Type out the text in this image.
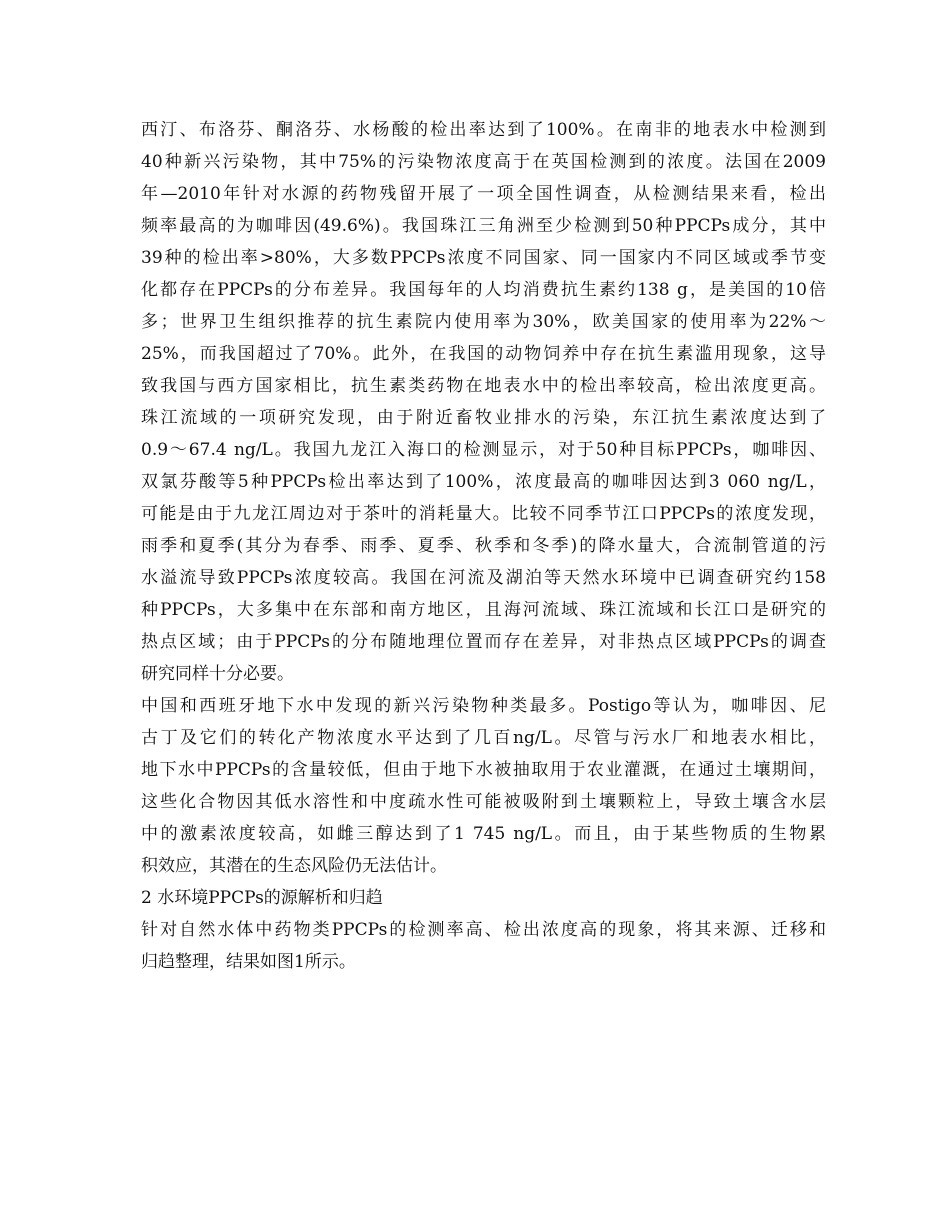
西汀、布洛芬、酮洛芬、水杨酸的检出率达到了100%。在南非的地表水中检测到
40种新兴污染物，其中75%的污染物浓度高于在英国检测到的浓度。法国在2009
年—2010年针对水源的药物残留开展了一项全国性调查，从检测结果来看，检出
频率最高的为咖啡因(49.6%)。我国珠江三角洲至少检测到50种PPCPs成分，其中
39种的检出率>80%，大多数PPCPs浓度不同国家、同一国家内不同区域或季节变
化都存在PPCPs的分布差异。我国每年的人均消费抗生素约138 g，是美国的10倍
多；世界卫生组织推荐的抗生素院内使用率为30%，欧美国家的使用率为22%～
25%，而我国超过了70%。此外，在我国的动物饲养中存在抗生素滥用现象，这导
致我国与西方国家相比，抗生素类药物在地表水中的检出率较高，检出浓度更高。
珠江流域的一项研究发现，由于附近畜牧业排水的污染，东江抗生素浓度达到了
0.9～67.4 ng/L。我国九龙江入海口的检测显示，对于50种目标PPCPs，咖啡因、
双氯芬酸等5种PPCPs检出率达到了100%，浓度最高的咖啡因达到3 060 ng/L，
可能是由于九龙江周边对于茶叶的消耗量大。比较不同季节江口PPCPs的浓度发现，
雨季和夏季(其分为春季、雨季、夏季、秋季和冬季)的降水量大，合流制管道的污
水溢流导致PPCPs浓度较高。我国在河流及湖泊等天然水环境中已调查研究约158
种PPCPs，大多集中在东部和南方地区，且海河流域、珠江流域和长江口是研究的
热点区域；由于PPCPs的分布随地理位置而存在差异，对非热点区域PPCPs的调查
研究同样十分必要。
中国和西班牙地下水中发现的新兴污染物种类最多。Postigo等认为，咖啡因、尼
古丁及它们的转化产物浓度水平达到了几百ng/L。尽管与污水厂和地表水相比，
地下水中PPCPs的含量较低，但由于地下水被抽取用于农业灌溉，在通过土壤期间，
这些化合物因其低水溶性和中度疏水性可能被吸附到土壤颗粒上，导致土壤含水层
中的激素浓度较高，如雌三醇达到了1 745 ng/L。而且，由于某些物质的生物累
积效应，其潜在的生态风险仍无法估计。
2 水环境PPCPs的源解析和归趋
针对自然水体中药物类PPCPs的检测率高、检出浓度高的现象，将其来源、迁移和
归趋整理，结果如图1所示。
